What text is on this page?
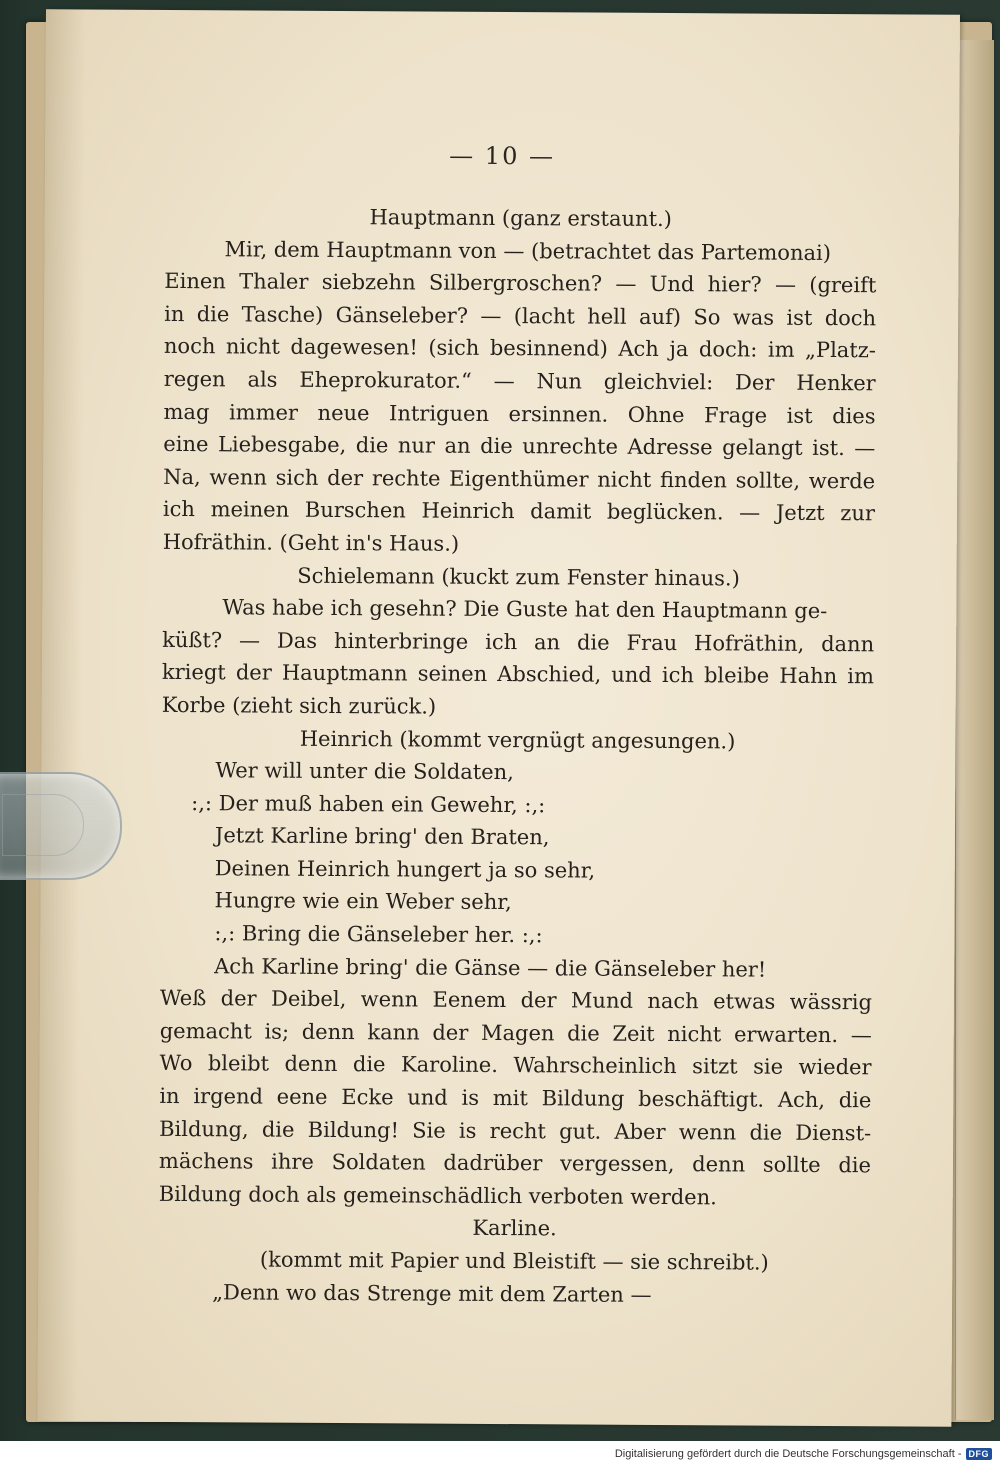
— 10 —
Hauptmann (ganz erstaunt.)
Mir, dem Hauptmann von — (betrachtet das Partemonai)
Einen Thaler siebzehn Silbergroschen? — Und hier? — (greift
in die Tasche) Gänseleber? — (lacht hell auf) So was ist doch
noch nicht dagewesen! (sich besinnend) Ach ja doch: im „Platz-
regen als Eheprokurator.“ — Nun gleichviel: Der Henker
mag immer neue Intriguen ersinnen. Ohne Frage ist dies
eine Liebesgabe, die nur an die unrechte Adresse gelangt ist. —
Na, wenn sich der rechte Eigenthümer nicht finden sollte, werde
ich meinen Burschen Heinrich damit beglücken. — Jetzt zur
Hofräthin. (Geht in's Haus.)
Schielemann (kuckt zum Fenster hinaus.)
Was habe ich gesehn? Die Guste hat den Hauptmann ge-
küßt? — Das hinterbringe ich an die Frau Hofräthin, dann
kriegt der Hauptmann seinen Abschied, und ich bleibe Hahn im
Korbe (zieht sich zurück.)
Heinrich (kommt vergnügt angesungen.)
Wer will unter die Soldaten,
:,: Der muß haben ein Gewehr, :,:
Jetzt Karline bring' den Braten,
Deinen Heinrich hungert ja so sehr,
Hungre wie ein Weber sehr,
:,: Bring die Gänseleber her. :,:
Ach Karline bring' die Gänse — die Gänseleber her!
Weß der Deibel, wenn Eenem der Mund nach etwas wässrig
gemacht is; denn kann der Magen die Zeit nicht erwarten. —
Wo bleibt denn die Karoline. Wahrscheinlich sitzt sie wieder
in irgend eene Ecke und is mit Bildung beschäftigt. Ach, die
Bildung, die Bildung! Sie is recht gut. Aber wenn die Dienst-
mächens ihre Soldaten dadrüber vergessen, denn sollte die
Bildung doch als gemeinschädlich verboten werden.
Karline.
(kommt mit Papier und Bleistift — sie schreibt.)
„Denn wo das Strenge mit dem Zarten —
Digitalisierung gefördert durch die Deutsche Forschungsgemeinschaft - DFG
